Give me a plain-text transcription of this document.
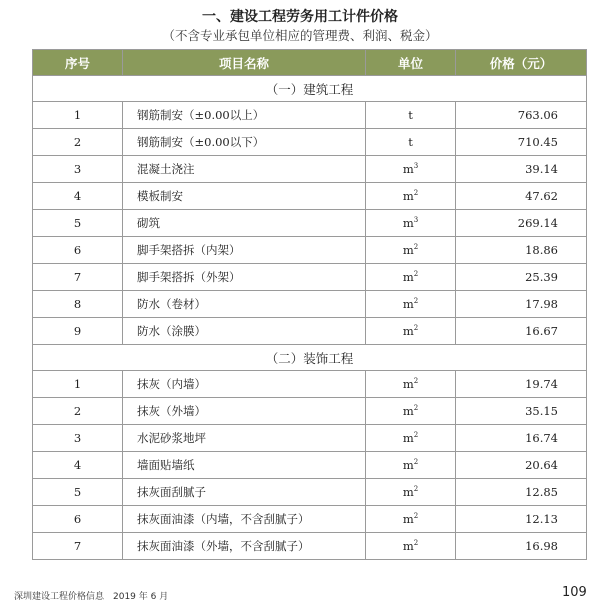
一、建设工程劳务用工计件价格
（不含专业承包单位相应的管理费、利润、税金）
序号	项目名称	单位	价格（元）
（一）建筑工程			
1	钢筋制安（±0.00以上）	t	763.06
2	钢筋制安（±0.00以下）	t	710.45
3	混凝土浇注	$m^3$	39.14
4	模板制安	$m^2$	47.62
5	砌筑	$m^3$	269.14
6	脚手架搭拆（内架）	$m^2$	18.86
7	脚手架搭拆（外架）	$m^2$	25.39
8	防水（卷材）	$m^2$	17.98
9	防水（涂膜）	$m^2$	16.67
（二）装饰工程			
1	抹灰（内墙）	$m^2$	19.74
2	抹灰（外墙）	$m^2$	35.15
3	水泥砂浆地坪	$m^2$	16.74
4	墙面贴墙纸	$m^2$	20.64
5	抹灰面刮腻子	$m^2$	12.85
6	抹灰面油漆（内墙，不含刮腻子）	$m^2$	12.13
7	抹灰面油漆（外墙，不含刮腻子）	$m^2$	16.98
深圳建设工程价格信息　2019 年 6 月	109
